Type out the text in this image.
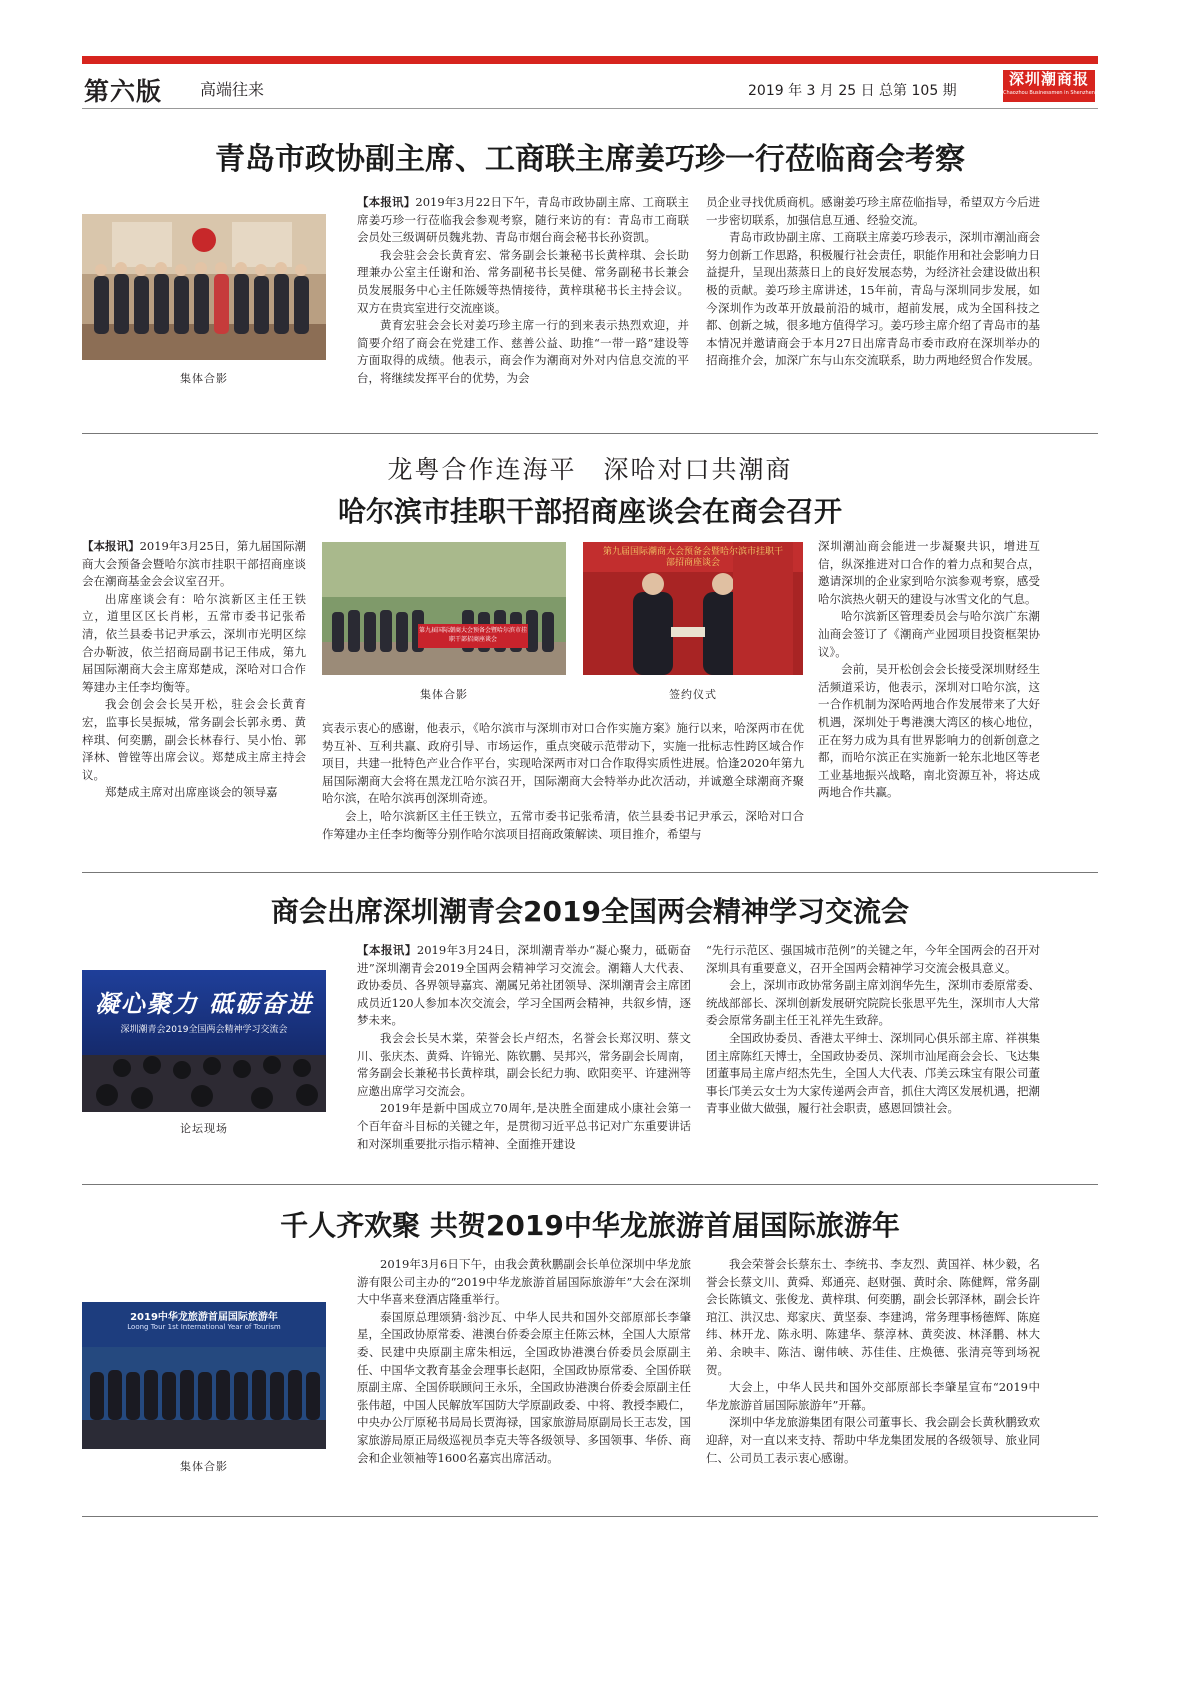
第六版 高端往来	2019 年 3 月 25 日 总第 105 期
深圳潮商报
Chaozhou Businessmen in Shenzhen
青岛市政协副主席、工商联主席姜巧珍一行莅临商会考察
集体合影

【本报讯】2019年3月22日下午，青岛市政协副主席、工商联主席姜巧珍一行莅临我会参观考察，随行来访的有：青岛市工商联会员处三级调研员魏兆勃、青岛市烟台商会秘书长孙资凯。

我会驻会会长黄育宏、常务副会长兼秘书长黄梓琪、会长助理兼办公室主任谢和治、常务副秘书长吴健、常务副秘书长兼会员发展服务中心主任陈媛等热情接待，黄梓琪秘书长主持会议。双方在贵宾室进行交流座谈。

黄育宏驻会会长对姜巧珍主席一行的到来表示热烈欢迎，并简要介绍了商会在党建工作、慈善公益、助推“一带一路”建设等方面取得的成绩。他表示，商会作为潮商对外对内信息交流的平台，将继续发挥平台的优势，为会

员企业寻找优质商机。感谢姜巧珍主席莅临指导，希望双方今后进一步密切联系，加强信息互通、经验交流。

青岛市政协副主席、工商联主席姜巧珍表示，深圳市潮汕商会努力创新工作思路，积极履行社会责任，职能作用和社会影响力日益提升，呈现出蒸蒸日上的良好发展态势，为经济社会建设做出积极的贡献。姜巧珍主席讲述，15年前，青岛与深圳同步发展，如今深圳作为改革开放最前沿的城市，超前发展，成为全国科技之都、创新之城，很多地方值得学习。姜巧珍主席介绍了青岛市的基本情况并邀请商会于本月27日出席青岛市委市政府在深圳举办的招商推介会，加深广东与山东交流联系，助力两地经贸合作发展。

龙粤合作连海平　深哈对口共潮商
哈尔滨市挂职干部招商座谈会在商会召开

【本报讯】2019年3月25日，第九届国际潮商大会预备会暨哈尔滨市挂职干部招商座谈会在潮商基金会会议室召开。

出席座谈会有：哈尔滨新区主任王铁立，道里区区长肖彬，五常市委书记张希清，依兰县委书记尹承云，深圳市光明区综合办靳波，依兰招商局副书记王伟成，第九届国际潮商大会主席郑楚成，深哈对口合作筹建办主任李均衡等。

我会创会会长吴开松，驻会会长黄育宏，监事长吴振城，常务副会长郭永勇、黄梓琪、何奕鹏，副会长林春行、吴小怡、郭泽林、曾镗等出席会议。郑楚成主席主持会议。

郑楚成主席对出席座谈会的领导嘉

第九届国际潮商大会预备会暨哈尔滨市挂职干部招商座谈会
集体合影
第九届国际潮商大会预备会暨哈尔滨市挂职干部招商座谈会
签约仪式

宾表示衷心的感谢，他表示，《哈尔滨市与深圳市对口合作实施方案》施行以来，哈深两市在优势互补、互利共赢、政府引导、市场运作，重点突破示范带动下，实施一批标志性跨区域合作项目，共建一批特色产业合作平台，实现哈深两市对口合作取得实质性进展。恰逢2020年第九届国际潮商大会将在黑龙江哈尔滨召开，国际潮商大会特举办此次活动，并诚邀全球潮商齐聚哈尔滨，在哈尔滨再创深圳奇迹。

会上，哈尔滨新区主任王铁立，五常市委书记张希清，依兰县委书记尹承云，深哈对口合作筹建办主任李均衡等分别作哈尔滨项目招商政策解读、项目推介，希望与

深圳潮汕商会能进一步凝聚共识，增进互信，纵深推进对口合作的着力点和契合点，邀请深圳的企业家到哈尔滨参观考察，感受哈尔滨热火朝天的建设与冰雪文化的气息。

哈尔滨新区管理委员会与哈尔滨广东潮汕商会签订了《潮商产业园项目投资框架协议》。

会前，吴开松创会会长接受深圳财经生活频道采访，他表示，深圳对口哈尔滨，这一合作机制为深哈两地合作发展带来了大好机遇，深圳处于粤港澳大湾区的核心地位，正在努力成为具有世界影响力的创新创意之都，而哈尔滨正在实施新一轮东北地区等老工业基地振兴战略，南北资源互补，将达成两地合作共赢。

商会出席深圳潮青会2019全国两会精神学习交流会
凝心聚力 砥砺奋进
深圳潮青会2019全国两会精神学习交流会
论坛现场

【本报讯】2019年3月24日，深圳潮青举办“凝心聚力，砥砺奋进”深圳潮青会2019全国两会精神学习交流会。潮籍人大代表、政协委员、各界领导嘉宾、潮属兄弟社团领导、深圳潮青会主席团成员近120人参加本次交流会，学习全国两会精神，共叙乡情，逐梦未来。

我会会长吴木棠，荣誉会长卢绍杰，名誉会长郑汉明、蔡文川、张庆杰、黄舜、许锦光、陈钦鹏、吴邦兴，常务副会长周南，常务副会长兼秘书长黄梓琪，副会长纪力驹、欧阳奕平、许建洲等应邀出席学习交流会。

2019年是新中国成立70周年,是决胜全面建成小康社会第一个百年奋斗目标的关键之年，是贯彻习近平总书记对广东重要讲话和对深圳重要批示指示精神、全面推开建设

“先行示范区、强国城市范例”的关键之年，今年全国两会的召开对深圳具有重要意义，召开全国两会精神学习交流会极具意义。

会上，深圳市政协常务副主席刘润华先生，深圳市委原常委、统战部部长、深圳创新发展研究院院长张思平先生，深圳市人大常委会原常务副主任王礼祥先生致辞。

全国政协委员、香港太平绅士、深圳同心俱乐部主席、祥祺集团主席陈红天博士，全国政协委员、深圳市汕尾商会会长、飞达集团董事局主席卢绍杰先生，全国人大代表、邝美云珠宝有限公司董事长邝美云女士为大家传递两会声音，抓住大湾区发展机遇，把潮青事业做大做强，履行社会职责，感恩回馈社会。

千人齐欢聚 共贺2019中华龙旅游首届国际旅游年
2019中华龙旅游首届国际旅游年
Loong Tour 1st International Year of Tourism
集体合影

2019年3月6日下午，由我会黄秋鹏副会长单位深圳中华龙旅游有限公司主办的“2019中华龙旅游首届国际旅游年”大会在深圳大中华喜来登酒店隆重举行。

泰国原总理颂猜·翁沙瓦、中华人民共和国外交部原部长李肇星，全国政协原常委、港澳台侨委会原主任陈云林，全国人大原常委、民建中央原副主席朱相远，全国政协港澳台侨委员会原副主任、中国华文教育基金会理事长赵阳，全国政协原常委、全国侨联原副主席、全国侨联顾问王永乐，全国政协港澳台侨委会原副主任张伟超，中国人民解放军国防大学原副政委、中将、教授李殿仁，中央办公厅原秘书局局长贾海禄，国家旅游局原副局长王志发，国家旅游局原正局级巡视员李克夫等各级领导、多国领事、华侨、商会和企业领袖等1600名嘉宾出席活动。

我会荣誉会长蔡东士、李统书、李友烈、黄国祥、林少毅，名誉会长蔡文川、黄舜、郑通亮、赵财强、黄时余、陈健辉，常务副会长陈镇文、张俊龙、黄梓琪、何奕鹏，副会长郭泽林，副会长许琯江、洪汉忠、郑家庆、黄坚泰、李建鸿，常务理事杨德辉、陈庭纬、林开龙、陈永明、陈建华、蔡淳林、黄奕波、林泽鹏、林大弟、余映丰、陈洁、谢伟峡、苏佳佳、庄焕德、张清亮等到场祝贺。

大会上，中华人民共和国外交部原部长李肇星宣布“2019中华龙旅游首届国际旅游年”开幕。

深圳中华龙旅游集团有限公司董事长、我会副会长黄秋鹏致欢迎辞，对一直以来支持、帮助中华龙集团发展的各级领导、旅业同仁、公司员工表示衷心感谢。
